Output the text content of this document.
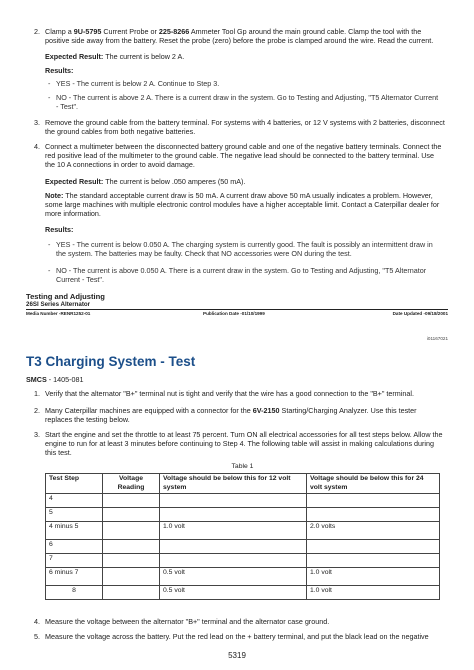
2. Clamp a 9U-5795 Current Probe or 225-8266 Ammeter Tool Gp around the main ground cable. Clamp the tool with the positive side away from the battery. Reset the probe (zero) before the probe is clamped around the wire. Read the current.
Expected Result: The current is below 2 A.
Results:
- YES - The current is below 2 A. Continue to Step 3.
- NO - The current is above 2 A. There is a current draw in the system. Go to Testing and Adjusting, "T5 Alternator Current - Test".
3. Remove the ground cable from the battery terminal. For systems with 4 batteries, or 12 V systems with 2 batteries, disconnect the ground cables from both negative batteries.
4. Connect a multimeter between the disconnected battery ground cable and one of the negative battery terminals. Connect the red positive lead of the multimeter to the ground cable. The negative lead should be connected to the battery terminal. Use the 10 A connections in order to avoid damage.
Expected Result: The current is below .050 amperes (50 mA).
Note: The standard acceptable current draw is 50 mA. A current draw above 50 mA usually indicates a problem. However, some large machines with multiple electronic control modules have a higher acceptable limit. Contact a Caterpillar dealer for more information.
Results:
- YES - The current is below 0.050 A. The charging system is currently good. The fault is possibly an intermittent draw in the system. The batteries may be faulty. Check that NO accessories were ON during the test.
- NO - The current is above 0.050 A. There is a current draw in the system. Go to Testing and Adjusting, "T5 Alternator Current - Test".
Testing and Adjusting
26SI Series Alternator
Media Number -RENR1252-01	Publication Date -01/10/1999	Date Updated -09/18/2001
i01167021
T3 Charging System - Test
SMCS - 1405-081
1. Verify that the alternator "B+" terminal nut is tight and verify that the wire has a good connection to the "B+" terminal.
2. Many Caterpillar machines are equipped with a connector for the 6V-2150 Starting/Charging Analyzer. Use this tester replaces the testing below.
3. Start the engine and set the throttle to at least 75 percent. Turn ON all electrical accessories for all test steps below. Allow the engine to run for at least 3 minutes before continuing to Step 4. The following table will assist in making calculations during this test.
Table 1
Test Step	Voltage Reading	Voltage should be below this for 12 volt system	Voltage should be below this for 24 volt system
4			
5			
4 minus 5		1.0 volt	2.0 volts
6			
7			
6 minus 7		0.5 volt	1.0 volt
8		0.5 volt	1.0 volt
4. Measure the voltage between the alternator "B+" terminal and the alternator case ground.
5. Measure the voltage across the battery. Put the red lead on the + battery terminal, and put the black lead on the negative
5319
